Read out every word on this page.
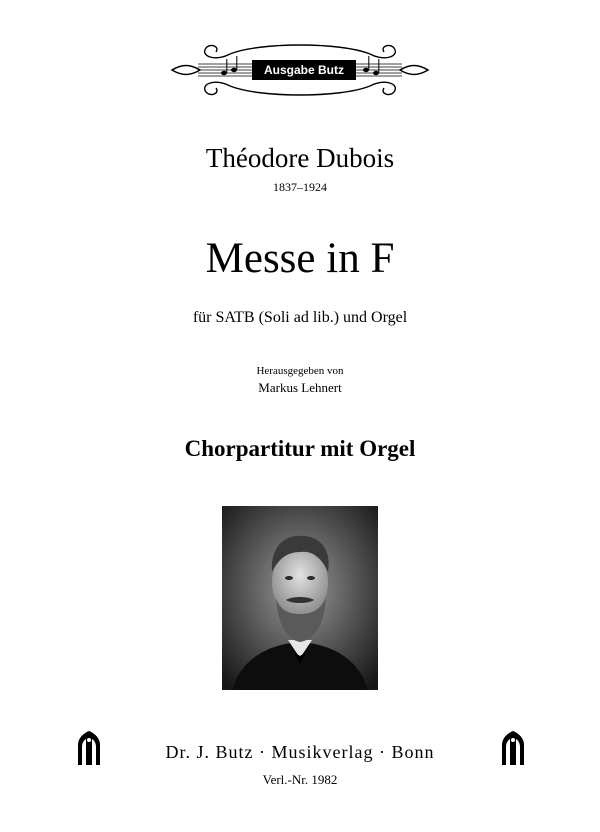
Ausgabe Butz
Théodore Dubois
1837–1924
Messe in F
für SATB (Soli ad lib.) und Orgel
Herausgegeben von
Markus Lehnert
Chorpartitur mit Orgel
Dr. J. Butz · Musikverlag · Bonn
Verl.-Nr. 1982
